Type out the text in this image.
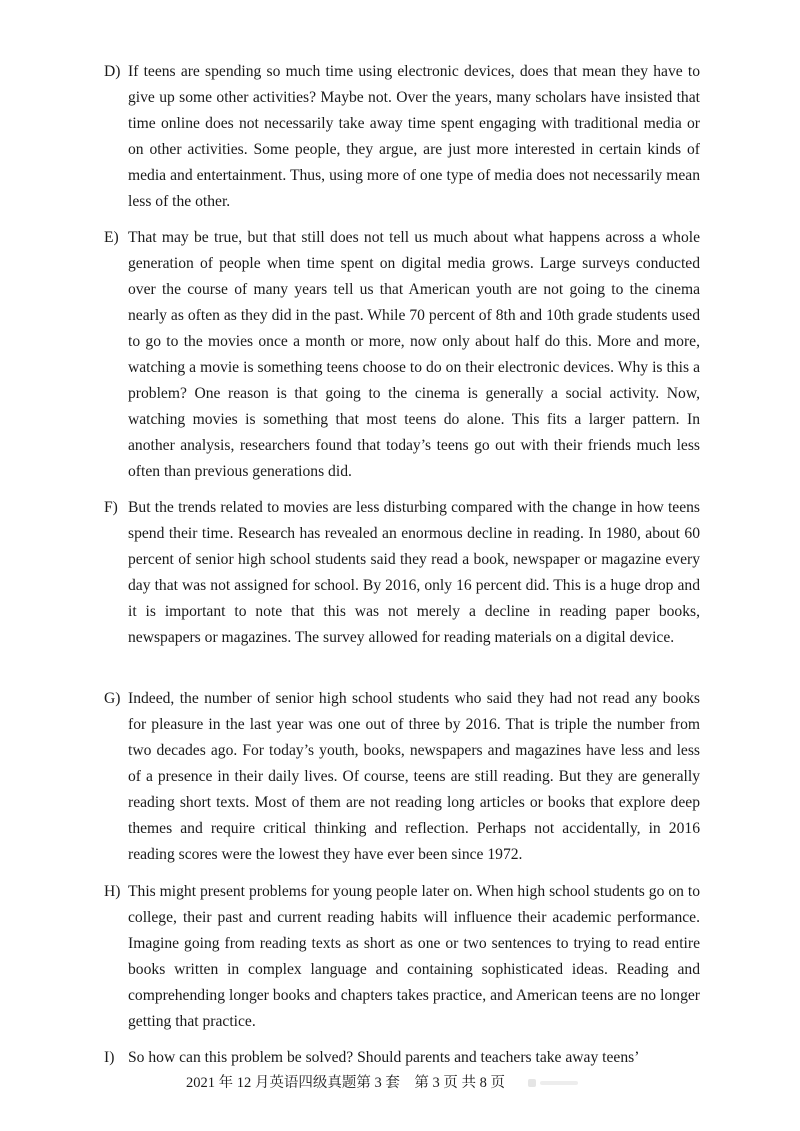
D) If teens are spending so much time using electronic devices, does that mean they have to give up some other activities? Maybe not. Over the years, many scholars have insisted that time online does not necessarily take away time spent engaging with traditional media or on other activities. Some people, they argue, are just more interested in certain kinds of media and entertainment. Thus, using more of one type of media does not necessarily mean less of the other.
E) That may be true, but that still does not tell us much about what happens across a whole generation of people when time spent on digital media grows. Large surveys conducted over the course of many years tell us that American youth are not going to the cinema nearly as often as they did in the past. While 70 percent of 8th and 10th grade students used to go to the movies once a month or more, now only about half do this. More and more, watching a movie is something teens choose to do on their electronic devices. Why is this a problem? One reason is that going to the cinema is generally a social activity. Now, watching movies is something that most teens do alone. This fits a larger pattern. In another analysis, researchers found that today’s teens go out with their friends much less often than previous generations did.
F) But the trends related to movies are less disturbing compared with the change in how teens spend their time. Research has revealed an enormous decline in reading. In 1980, about 60 percent of senior high school students said they read a book, newspaper or magazine every day that was not assigned for school. By 2016, only 16 percent did. This is a huge drop and it is important to note that this was not merely a decline in reading paper books, newspapers or magazines. The survey allowed for reading materials on a digital device.
G) Indeed, the number of senior high school students who said they had not read any books for pleasure in the last year was one out of three by 2016. That is triple the number from two decades ago. For today’s youth, books, newspapers and magazines have less and less of a presence in their daily lives. Of course, teens are still reading. But they are generally reading short texts. Most of them are not reading long articles or books that explore deep themes and require critical thinking and reflection. Perhaps not accidentally, in 2016 reading scores were the lowest they have ever been since 1972.
H) This might present problems for young people later on. When high school students go on to college, their past and current reading habits will influence their academic performance. Imagine going from reading texts as short as one or two sentences to trying to read entire books written in complex language and containing sophisticated ideas. Reading and comprehending longer books and chapters takes practice, and American teens are no longer getting that practice.
I) So how can this problem be solved? Should parents and teachers take away teens’
2021 年 12 月英语四级真题第 3 套　第 3 页 共 8 页
